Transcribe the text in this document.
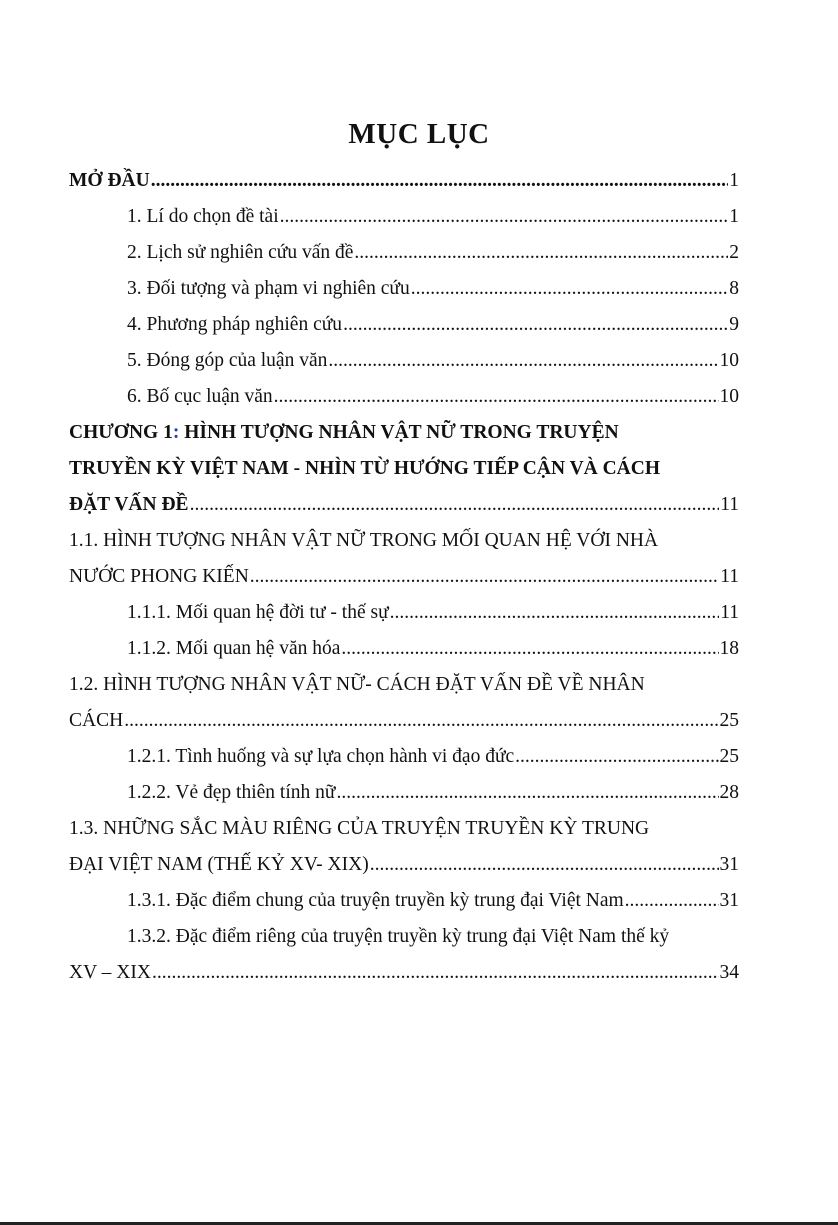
MỤC LỤC
MỞ ĐẦU .....	1
1. Lí do chọn đề tài .....	1
2. Lịch sử nghiên cứu vấn đề .....	2
3. Đối tượng và phạm vi nghiên cứu .....	8
4. Phương pháp nghiên cứu .....	9
5. Đóng góp của luận văn .....	10
6. Bố cục luận văn .....	10
CHƯƠNG 1: HÌNH TƯỢNG NHÂN VẬT NỮ TRONG TRUYỆN
TRUYỀN KỲ VIỆT NAM - NHÌN TỪ HƯỚNG TIẾP CẬN VÀ CÁCH
ĐẶT VẤN ĐỀ .....	11
1.1. HÌNH TƯỢNG NHÂN VẬT NỮ TRONG MỐI QUAN HỆ VỚI NHÀ
NƯỚC PHONG KIẾN .....	11
1.1.1. Mối quan hệ đời tư - thế sự .....	11
1.1.2. Mối quan hệ văn hóa .....	18
1.2. HÌNH TƯỢNG NHÂN VẬT NỮ- CÁCH ĐẶT VẤN ĐỀ VỀ NHÂN
CÁCH .....	25
1.2.1. Tình huống và sự lựa chọn hành vi đạo đức .....	25
1.2.2. Vẻ đẹp thiên tính nữ .....	28
1.3. NHỮNG SẮC MÀU RIÊNG CỦA TRUYỆN TRUYỀN KỲ TRUNG
ĐẠI VIỆT NAM (THẾ KỶ XV- XIX) .....	31
1.3.1. Đặc điểm chung của truyện truyền kỳ trung đại Việt Nam .....	31
1.3.2. Đặc điểm riêng của truyện truyền kỳ trung đại Việt Nam thế kỷ
XV – XIX .....	34
